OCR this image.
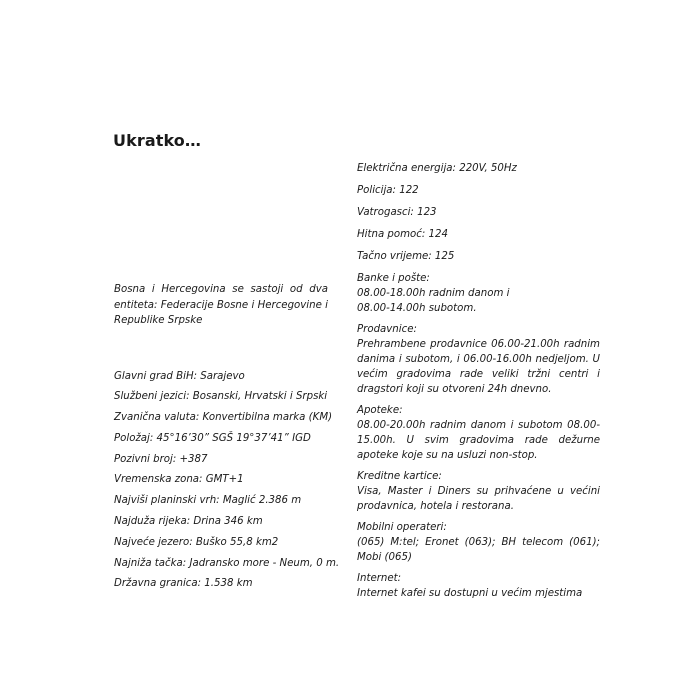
Ukratko…

Bosna i Hercegovina se sastoji od dva entiteta: Federacije Bosne i Hercegovine i Republike Srpske

Glavni grad BiH: Sarajevo
Službeni jezici: Bosanski, Hrvatski i Srpski
Zvanična valuta: Konvertibilna marka (KM)
Položaj: 45°16’30” SGŠ 19°37’41” IGD
Pozivni broj: +387
Vremenska zona: GMT+1
Najviši planinski vrh: Maglić 2.386 m
Najduža rijeka: Drina 346 km
Najveće jezero: Buško 55,8 km2
Najniža tačka: Jadransko more - Neum, 0 m.
Državna granica: 1.538 km
Električna energija: 220V, 50Hz
Policija: 122
Vatrogasci: 123
Hitna pomoć: 124
Tačno vrijeme: 125
Banke i pošte:
08.00-18.00h radnim danom i
08.00-14.00h subotom.
Prodavnice:
Prehrambene prodavnice 06.00-21.00h radnim danima i subotom, i 06.00-16.00h nedjeljom. U većim gradovima rade veliki tržni centri i dragstori koji su otvoreni 24h dnevno.
Apoteke:
08.00-20.00h radnim danom i subotom 08.00-15.00h. U svim gradovima rade dežurne apoteke koje su na usluzi non-stop.
Kreditne kartice:
Visa, Master i Diners su prihvaćene u većini prodavnica, hotela i restorana.
Mobilni operateri:
(065) M:tel; Eronet (063); BH telecom (061); Mobi (065)
Internet:
Internet kafei su dostupni u većim mjestima
